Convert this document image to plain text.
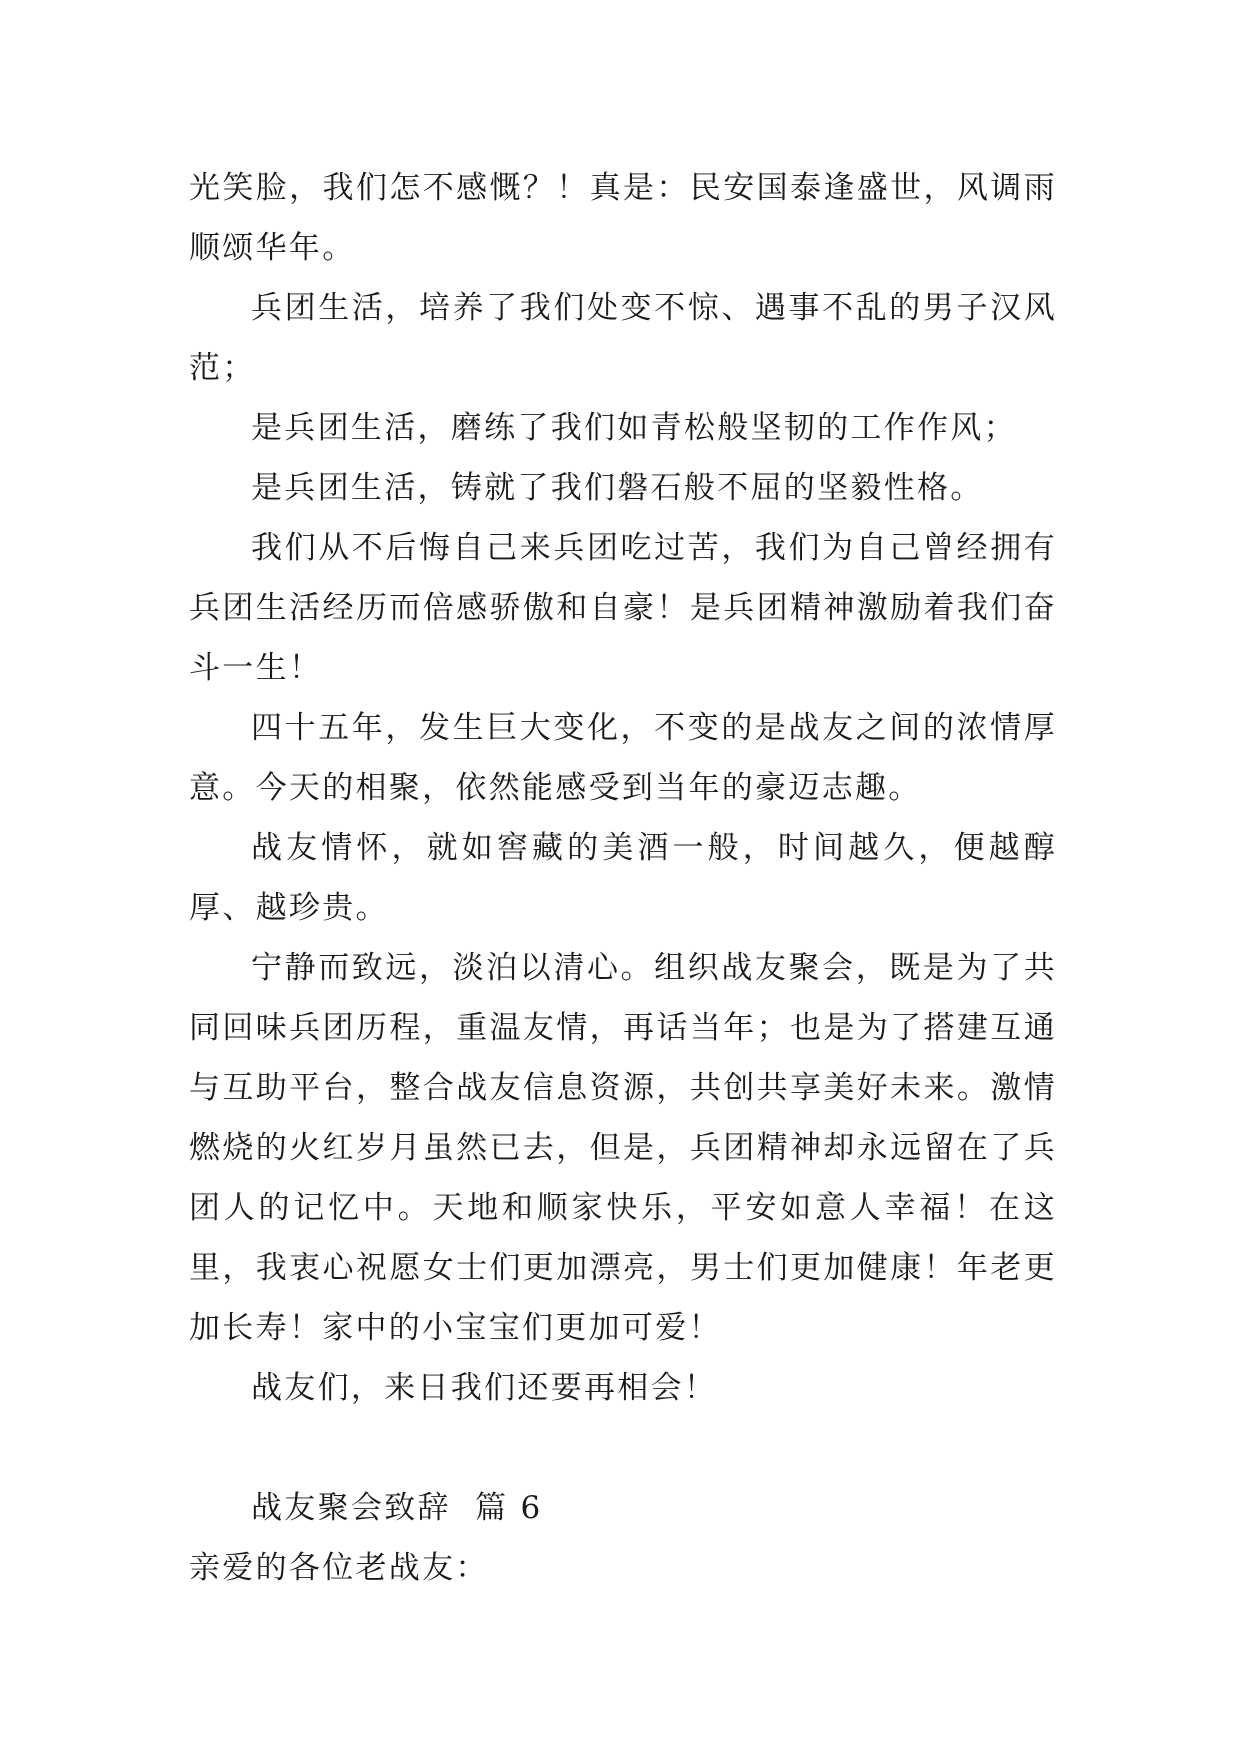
光笑脸，我们怎不感慨？！真是：民安国泰逢盛世，风调雨顺颂华年。

兵团生活，培养了我们处变不惊、遇事不乱的男子汉风范；

是兵团生活，磨练了我们如青松般坚韧的工作作风；

是兵团生活，铸就了我们磐石般不屈的坚毅性格。

我们从不后悔自己来兵团吃过苦，我们为自己曾经拥有兵团生活经历而倍感骄傲和自豪！是兵团精神激励着我们奋斗一生！

四十五年，发生巨大变化，不变的是战友之间的浓情厚意。今天的相聚，依然能感受到当年的豪迈志趣。

战友情怀，就如窖藏的美酒一般，时间越久，便越醇厚、越珍贵。

宁静而致远，淡泊以清心。组织战友聚会，既是为了共同回味兵团历程，重温友情，再话当年；也是为了搭建互通与互助平台，整合战友信息资源，共创共享美好未来。激情燃烧的火红岁月虽然已去，但是，兵团精神却永远留在了兵团人的记忆中。天地和顺家快乐，平安如意人幸福！在这里，我衷心祝愿女士们更加漂亮，男士们更加健康！年老更加长寿！家中的小宝宝们更加可爱！

战友们，来日我们还要再相会！

战友聚会致辞  篇 6

亲爱的各位老战友：
